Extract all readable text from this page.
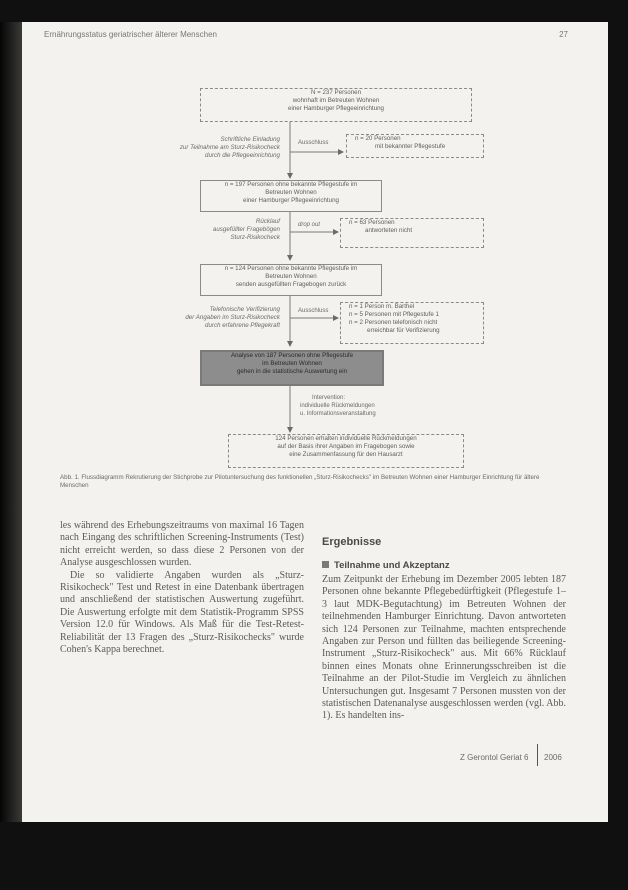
Ernährungsstatus geriatrischer älterer Menschen	27
N = 237 Personen
wohnhaft im Betreuten Wohnen
einer Hamburger Pflegeeinrichtung
Schriftliche Einladung
zur Teilnahme am Sturz-Risikocheck
durch die Pflegeeinrichtung
Ausschluss
n = 20 Personen
mit bekannter Pflegestufe
n = 197 Personen ohne bekannte Pflegestufe im
Betreuten Wohnen
einer Hamburger Pflegeeinrichtung
Rücklauf
ausgefüllter Fragebögen
Sturz-Risikocheck
drop out	n = 63 Personen
antworteten nicht
n = 124 Personen ohne bekannte Pflegestufe im
Betreuten Wohnen
senden ausgefüllten Fragebogen zurück
Telefonische Verifizierung
der Angaben im Sturz-Risikocheck
durch erfahrene Pflegekraft
Ausschluss
n = 1 Person m. Barthel
n = 5 Personen mit Pflegestufe 1
n = 2 Personen telefonisch nicht
erreichbar für Verifizierung
Analyse von 187 Personen ohne Pflegestufe
im Betreuten Wohnen
gehen in die statistische Auswertung ein
Intervention:
individuelle Rückmeldungen
u. Informationsveranstaltung
124 Personen erhalten individuelle Rückmeldungen
auf der Basis ihrer Angaben im Fragebogen sowie
eine Zusammenfassung für den Hausarzt
Abb. 1. Flussdiagramm Rekrutierung der Stichprobe zur Pilotuntersuchung des funktionellen „Sturz-Risikochecks" im Betreuten Wohnen einer Hamburger Einrichtung für ältere Menschen

les während des Erhebungszeitraums von maximal 16 Tagen nach Eingang des schriftlichen Screening-Instruments (Test) nicht erreicht werden, so dass diese 2 Personen von der Analyse ausgeschlossen wurden.

Die so validierte Angaben wurden als „Sturz-Risikocheck" Test und Retest in eine Datenbank übertragen und anschließend der statistischen Auswertung zugeführt. Die Auswertung erfolgte mit dem Statistik-Programm SPSS Version 12.0 für Windows. Als Maß für die Test-Retest-Reliabilität der 13 Fragen des „Sturz-Risikochecks" wurde Cohen's Kappa berechnet.

Ergebnisse
Teilnahme und Akzeptanz

Zum Zeitpunkt der Erhebung im Dezember 2005 lebten 187 Personen ohne bekannte Pflegebedürftigkeit (Pflegestufe 1–3 laut MDK-Begutachtung) im Betreuten Wohnen der teilnehmenden Hamburger Einrichtung. Davon antworteten sich 124 Personen zur Teilnahme, machten entsprechende Angaben zur Person und füllten das beiliegende Screening-Instrument „Sturz-Risikocheck" aus. Mit 66% Rücklauf binnen eines Monats ohne Erinnerungsschreiben ist die Teilnahme an der Pilot-Studie im Vergleich zu ähnlichen Untersuchungen gut. Insgesamt 7 Personen mussten von der statistischen Datenanalyse ausgeschlossen werden (vgl. Abb. 1). Es handelten ins-

Z Gerontol Geriat 6 2006
